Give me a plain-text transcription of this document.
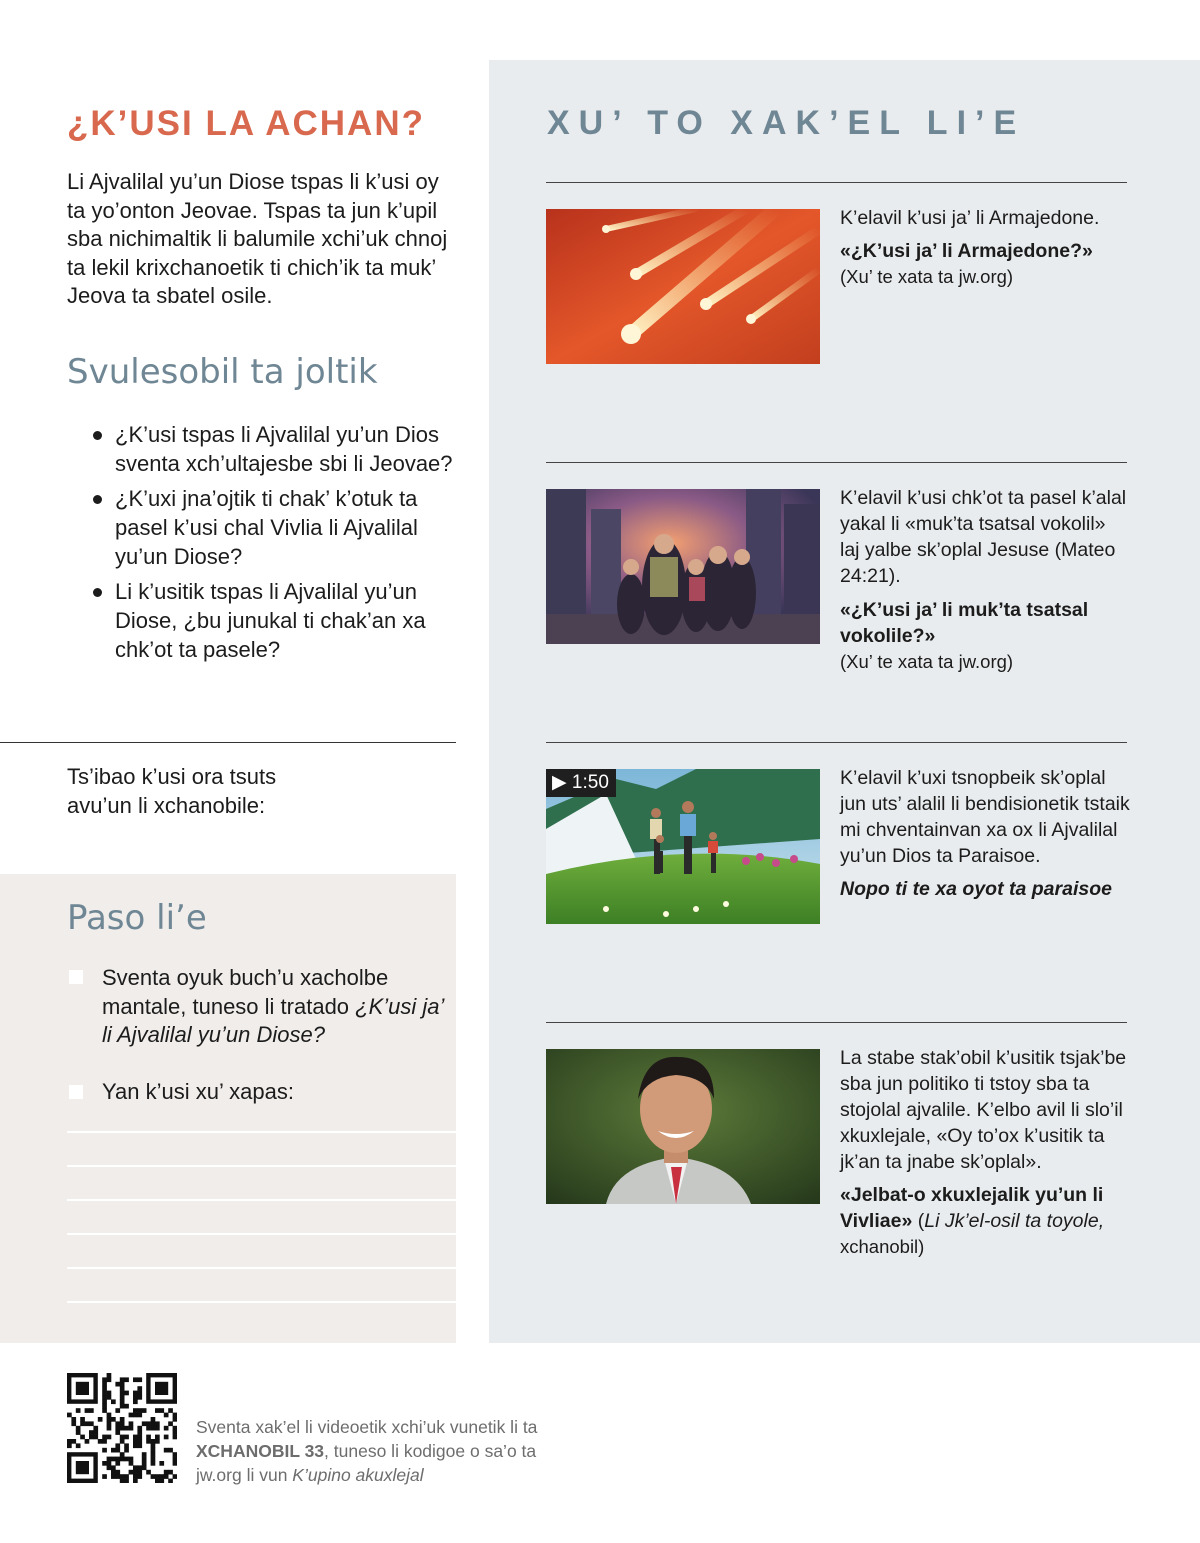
¿K’USI LA ACHAN?

Li Ajvalilal yu’un Diose tspas li k’usi oy ta yo’onton Jeovae. Tspas ta jun k’upil sba nichimaltik li balumile xchi’uk chnoj ta lekil krixchanoetik ti chich’ik ta muk’ Jeova ta sbatel osile.

Svulesobil ta joltik
¿K’usi tspas li Ajvalilal yu’un Dios sventa xch’ultajesbe sbi li Jeovae?
¿K’uxi jna’ojtik ti chak’ k’otuk ta pasel k’usi chal Vivlia li Ajvalilal yu’un Diose?
Li k’usitik tspas li Ajvalilal yu’un Diose, ¿bu junukal ti chak’an xa chk’ot ta pasele?

Ts’ibao k’usi ora tsuts avu’un li xchanobile:

Paso li’e

Sventa oyuk buch’u xacholbe mantale, tuneso li tratado ¿K’usi ja’ li Ajvalilal yu’un Diose?

Yan k’usi xu’ xapas:

XU’ TO XAK’EL LI’E

K’elavil k’usi ja’ li Armajedone.

«¿K’usi ja’ li Armajedone?»
(Xu’ te xata ta jw.org)

K’elavil k’usi chk’ot ta pasel k’alal yakal li «muk’ta tsatsal vokolil» laj yalbe sk’oplal Jesuse (Mateo 24:21).

«¿K’usi ja’ li muk’ta tsatsal vokolile?»
(Xu’ te xata ta jw.org)

▶ 1:50	K’elavil k’uxi tsnopbeik sk’oplal jun uts’ alalil li bendisionetik tstaik mi chventainvan xa ox li Ajvalilal yu’un Dios ta Paraisoe.

Nopo ti te xa oyot ta paraisoe

La stabe stak’obil k’usitik tsjak’be sba jun politiko ti tstoy sba ta stojolal ajvalile. K’elbo avil li slo’il xkuxlejale, «Oy to’ox k’usitik ta jk’an ta jnabe sk’oplal».

«Jelbat-o xkuxlejalik yu’un li Vivliae» (Li Jk’el-osil ta toyole,
xchanobil)

Sventa xak’el li videoetik xchi’uk vunetik li ta XCHANOBIL 33, tuneso li kodigoe o sa’o ta jw.org li vun K’upino akuxlejal
